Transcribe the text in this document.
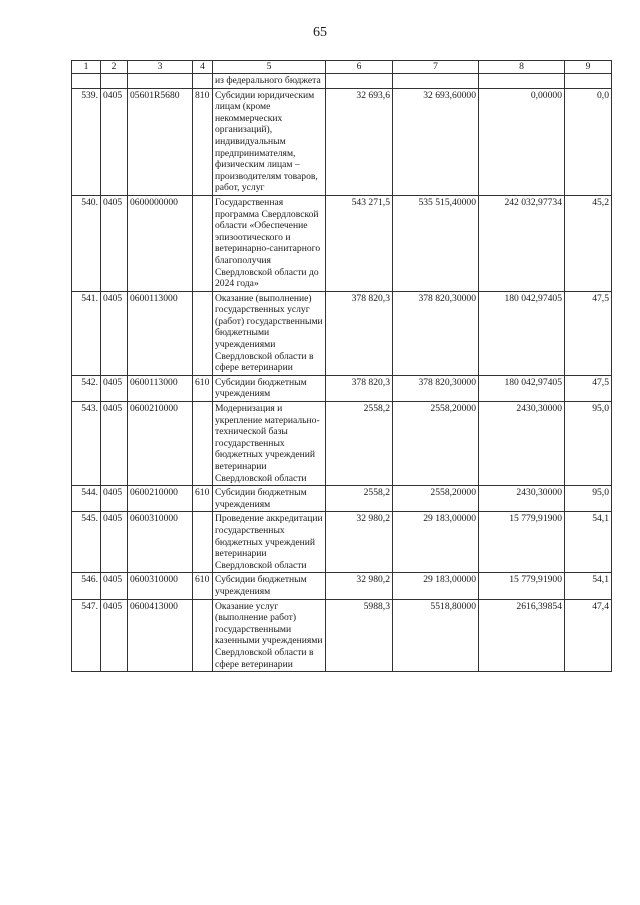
65
1	2	3	4	5	6	7	8	9
				из федерального бюджета				
539.	0405	05601R5680	810	Субсидии юридическим лицам (кроме некоммерческих организаций), индивидуальным предпринимателям, физическим лицам – производителям товаров, работ, услуг	32 693,6	32 693,60000	0,00000	0,0
540.	0405	0600000000		Государственная программа Свердловской области «Обеспечение эпизоотического и ветеринарно-санитарного благополучия Свердловской области до 2024 года»	543 271,5	535 515,40000	242 032,97734	45,2
541.	0405	0600113000		Оказание (выполнение) государственных услуг (работ) государственными бюджетными учреждениями Свердловской области в сфере ветеринарии	378 820,3	378 820,30000	180 042,97405	47,5
542.	0405	0600113000	610	Субсидии бюджетным учреждениям	378 820,3	378 820,30000	180 042,97405	47,5
543.	0405	0600210000		Модернизация и укрепление материально-технической базы государственных бюджетных учреждений ветеринарии Свердловской области	2558,2	2558,20000	2430,30000	95,0
544.	0405	0600210000	610	Субсидии бюджетным учреждениям	2558,2	2558,20000	2430,30000	95,0
545.	0405	0600310000		Проведение аккредитации государственных бюджетных учреждений ветеринарии Свердловской области	32 980,2	29 183,00000	15 779,91900	54,1
546.	0405	0600310000	610	Субсидии бюджетным учреждениям	32 980,2	29 183,00000	15 779,91900	54,1
547.	0405	0600413000		Оказание услуг (выполнение работ) государственными казенными учреждениями Свердловской области в сфере ветеринарии	5988,3	5518,80000	2616,39854	47,4
